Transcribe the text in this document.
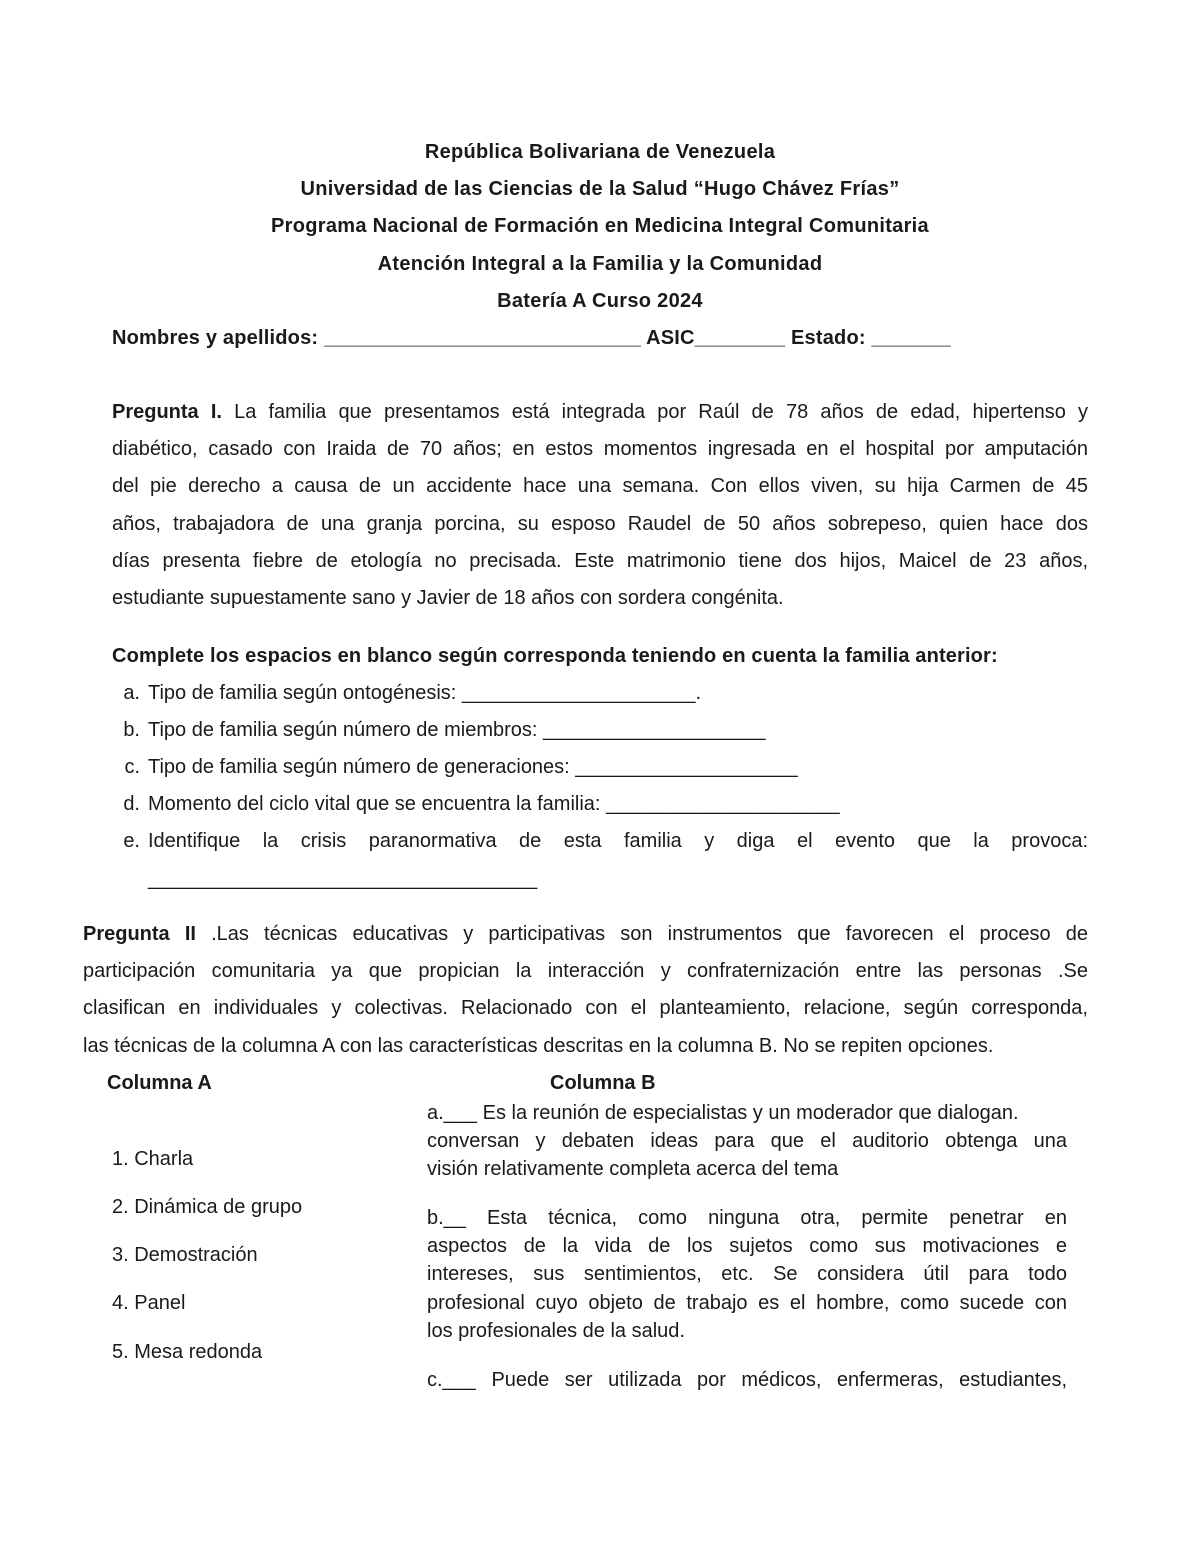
República Bolivariana de Venezuela
Universidad de las Ciencias de la Salud “Hugo Chávez Frías”
Programa Nacional de Formación en Medicina Integral Comunitaria
Atención Integral a la Familia y la Comunidad
Batería A Curso 2024
Nombres y apellidos: ____________________________ ASIC________ Estado: _______
Pregunta I. La familia que presentamos está integrada por Raúl de 78 años de edad, hipertenso y
diabético, casado con Iraida de 70 años; en estos momentos ingresada en el hospital por amputación
del pie derecho a causa de un accidente hace una semana. Con ellos viven, su hija Carmen de 45
años, trabajadora de una granja porcina, su esposo Raudel de 50 años sobrepeso, quien hace dos
días presenta fiebre de etología no precisada. Este matrimonio tiene dos hijos, Maicel de 23 años,
estudiante supuestamente sano y Javier de 18 años con sordera congénita.
Complete los espacios en blanco según corresponda teniendo en cuenta la familia anterior:
a. Tipo de familia según ontogénesis: _____________________.
b. Tipo de familia según número de miembros: ____________________
c. Tipo de familia según número de generaciones: ____________________
d. Momento del ciclo vital que se encuentra la familia: _____________________
e. Identifique la crisis paranormativa de esta familia y diga el evento que la provoca:
___________________________________
Pregunta II .Las técnicas educativas y participativas son instrumentos que favorecen el proceso de
participación comunitaria ya que propician la interacción y confraternización entre las personas .Se
clasifican en individuales y colectivas. Relacionado con el planteamiento, relacione, según corresponda,
las técnicas de la columna A con las características descritas en la columna B. No se repiten opciones.
Columna A	Columna B
1. Charla
2. Dinámica de grupo
3. Demostración
4. Panel
5. Mesa redonda
a.___ Es la reunión de especialistas y un moderador que dialogan.
conversan y debaten ideas para que el auditorio obtenga una
visión relativamente completa acerca del tema
b.__ Esta técnica, como ninguna otra, permite penetrar en
aspectos de la vida de los sujetos como sus motivaciones e
intereses, sus sentimientos, etc. Se considera útil para todo
profesional cuyo objeto de trabajo es el hombre, como sucede con
los profesionales de la salud.
c.___ Puede ser utilizada por médicos, enfermeras, estudiantes,
